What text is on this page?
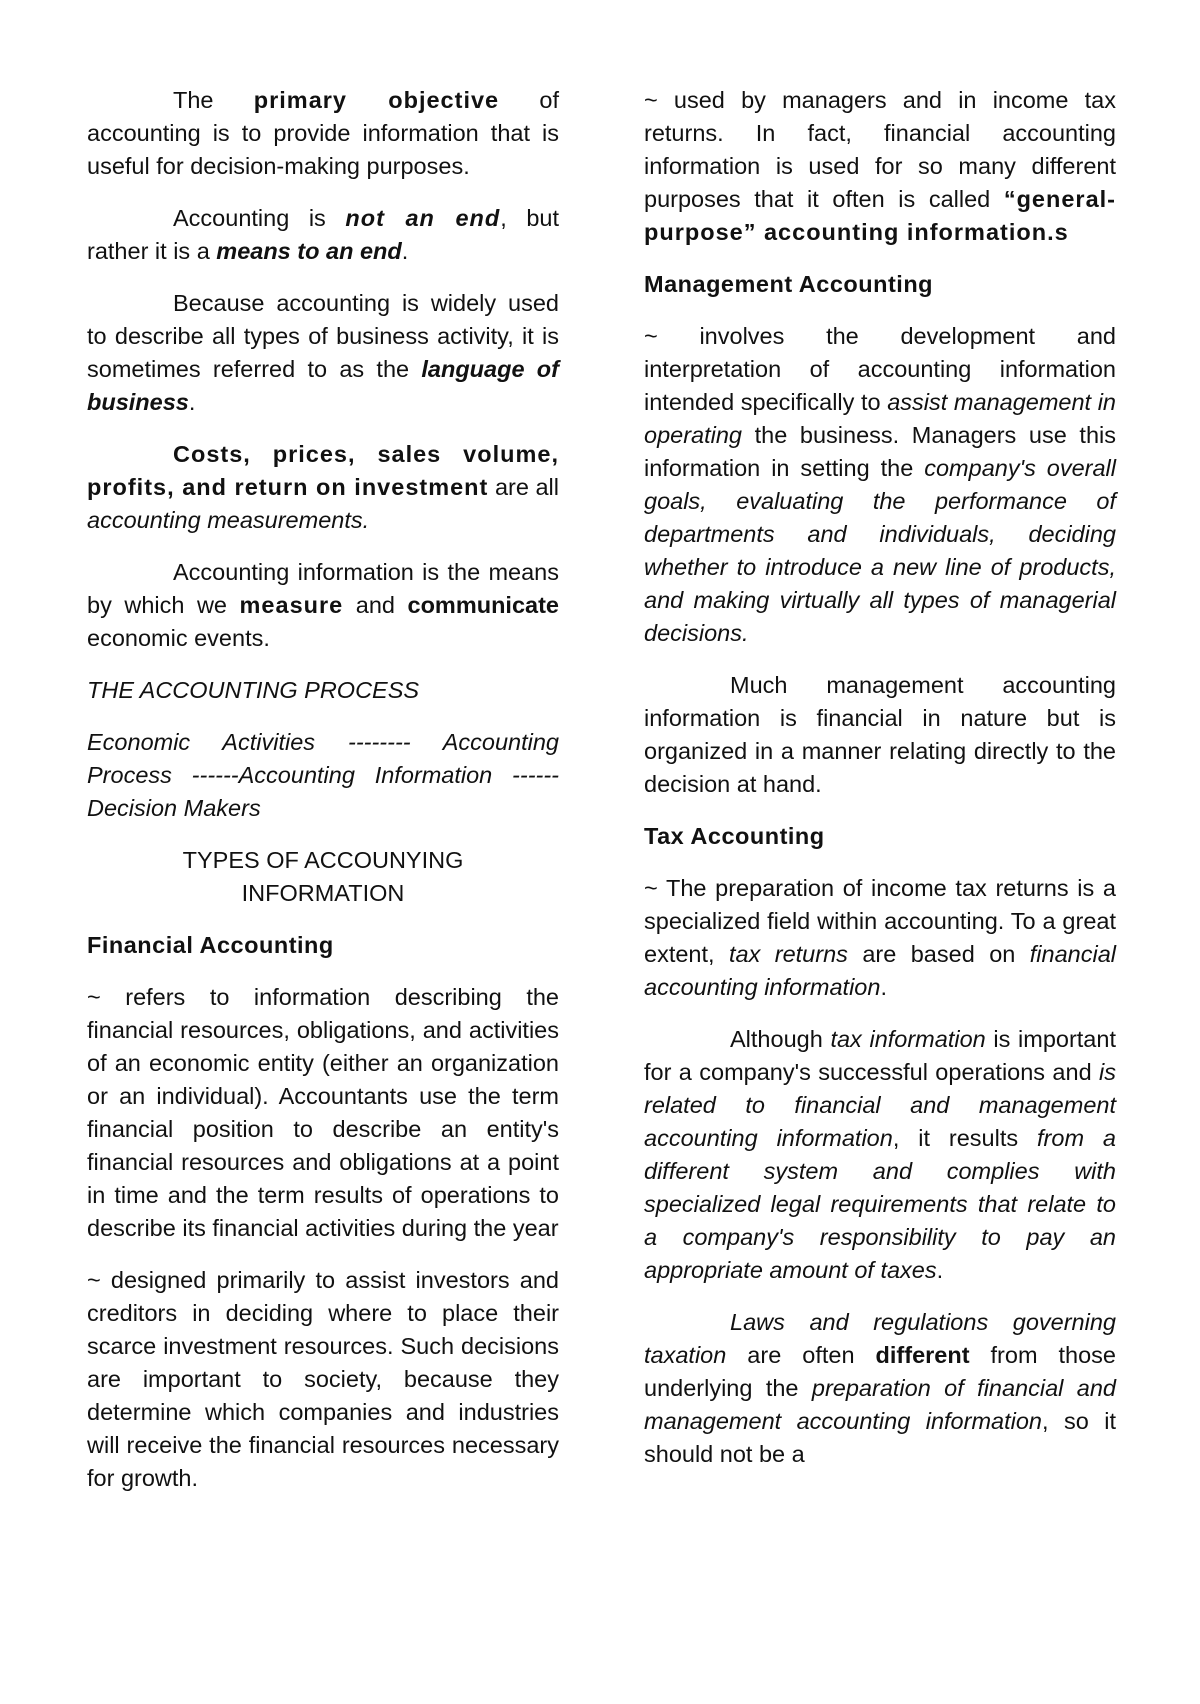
The primary objective of accounting is to provide information that is useful for decision-making purposes.

Accounting is not an end, but rather it is a means to an end.

Because accounting is widely used to describe all types of business activity, it is sometimes referred to as the language of business.

Costs, prices, sales volume, profits, and return on investment are all accounting measurements.

Accounting information is the means by which we measure and communicate economic events.

THE ACCOUNTING PROCESS

Economic Activities -------- Accounting Process ------Accounting Information ------Decision Makers

TYPES OF ACCOUNYING INFORMATION

Financial Accounting

~ refers to information describing the financial resources, obligations, and activities of an economic entity (either an organization or an individual). Accountants use the term financial position to describe an entity's financial resources and obligations at a point in time and the term results of operations to describe its financial activities during the year

~ designed primarily to assist investors and creditors in deciding where to place their scarce investment resources. Such decisions are important to society, because they determine which companies and industries will receive the financial resources necessary for growth.

~ used by managers and in income tax returns. In fact, financial accounting information is used for so many different purposes that it often is called “general-purpose” accounting information.s

Management Accounting

~ involves the development and interpretation of accounting information intended specifically to assist management in operating the business. Managers use this information in setting the company's overall goals, evaluating the performance of departments and individuals, deciding whether to introduce a new line of products, and making virtually all types of managerial decisions.

Much management accounting information is financial in nature but is organized in a manner relating directly to the decision at hand.

Tax Accounting

~ The preparation of income tax returns is a specialized field within accounting. To a great extent, tax returns are based on financial accounting information.

Although tax information is important for a company's successful operations and is related to financial and management accounting information, it results from a different system and complies with specialized legal requirements that relate to a company's responsibility to pay an appropriate amount of taxes.

Laws and regulations governing taxation are often different from those underlying the preparation of financial and management accounting information, so it should not be a
